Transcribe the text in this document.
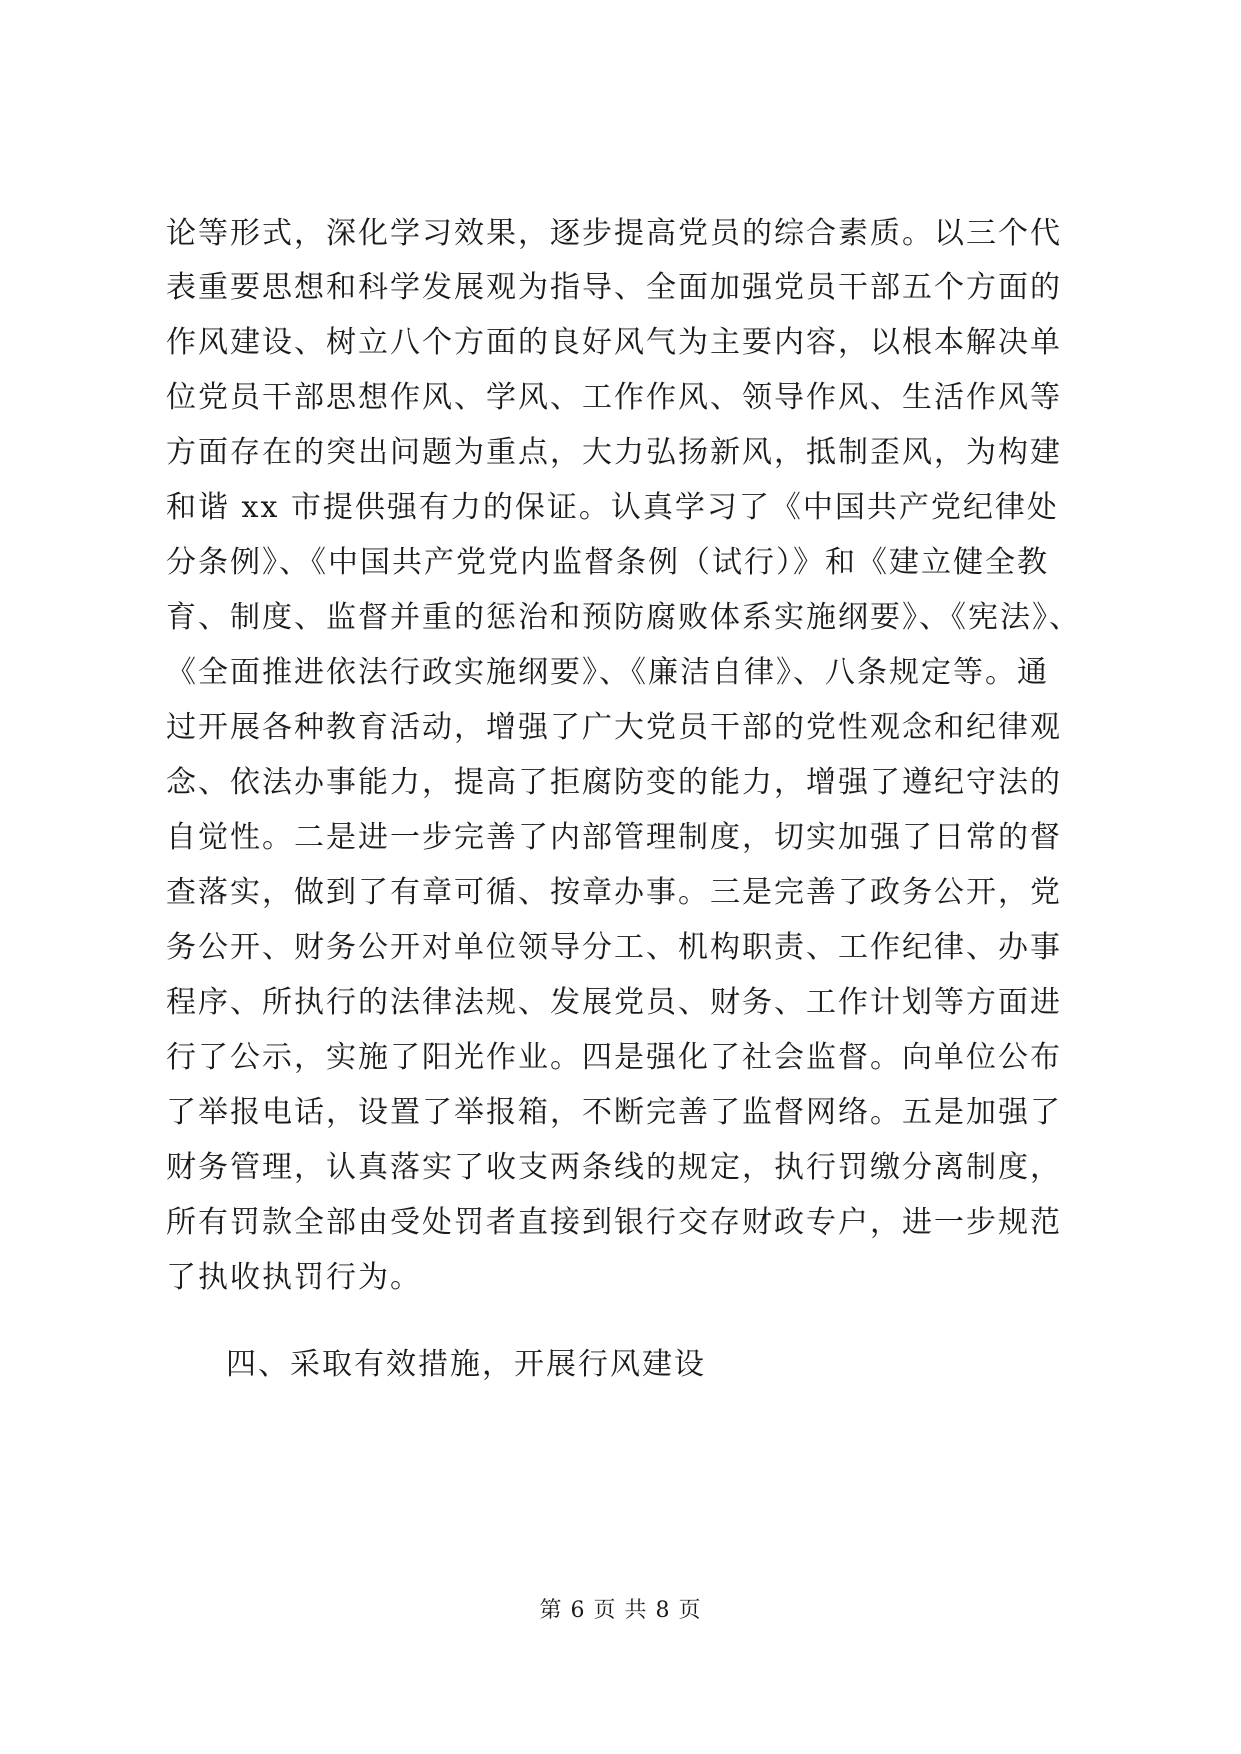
论等形式，深化学习效果，逐步提高党员的综合素质。以三个代
表重要思想和科学发展观为指导、全面加强党员干部五个方面的
作风建设、树立八个方面的良好风气为主要内容，以根本解决单
位党员干部思想作风、学风、工作作风、领导作风、生活作风等
方面存在的突出问题为重点，大力弘扬新风，抵制歪风，为构建
和谐 xx 市提供强有力的保证。认真学习了《中国共产党纪律处
分条例》、《中国共产党党内监督条例（试行）》和《建立健全教
育、制度、监督并重的惩治和预防腐败体系实施纲要》、《宪法》、
《全面推进依法行政实施纲要》、《廉洁自律》、八条规定等。通
过开展各种教育活动，增强了广大党员干部的党性观念和纪律观
念、依法办事能力，提高了拒腐防变的能力，增强了遵纪守法的
自觉性。二是进一步完善了内部管理制度，切实加强了日常的督
查落实，做到了有章可循、按章办事。三是完善了政务公开，党
务公开、财务公开对单位领导分工、机构职责、工作纪律、办事
程序、所执行的法律法规、发展党员、财务、工作计划等方面进
行了公示，实施了阳光作业。四是强化了社会监督。向单位公布
了举报电话，设置了举报箱，不断完善了监督网络。五是加强了
财务管理，认真落实了收支两条线的规定，执行罚缴分离制度，
所有罚款全部由受处罚者直接到银行交存财政专户，进一步规范
了执收执罚行为。
四、采取有效措施，开展行风建设
第 6 页 共 8 页
